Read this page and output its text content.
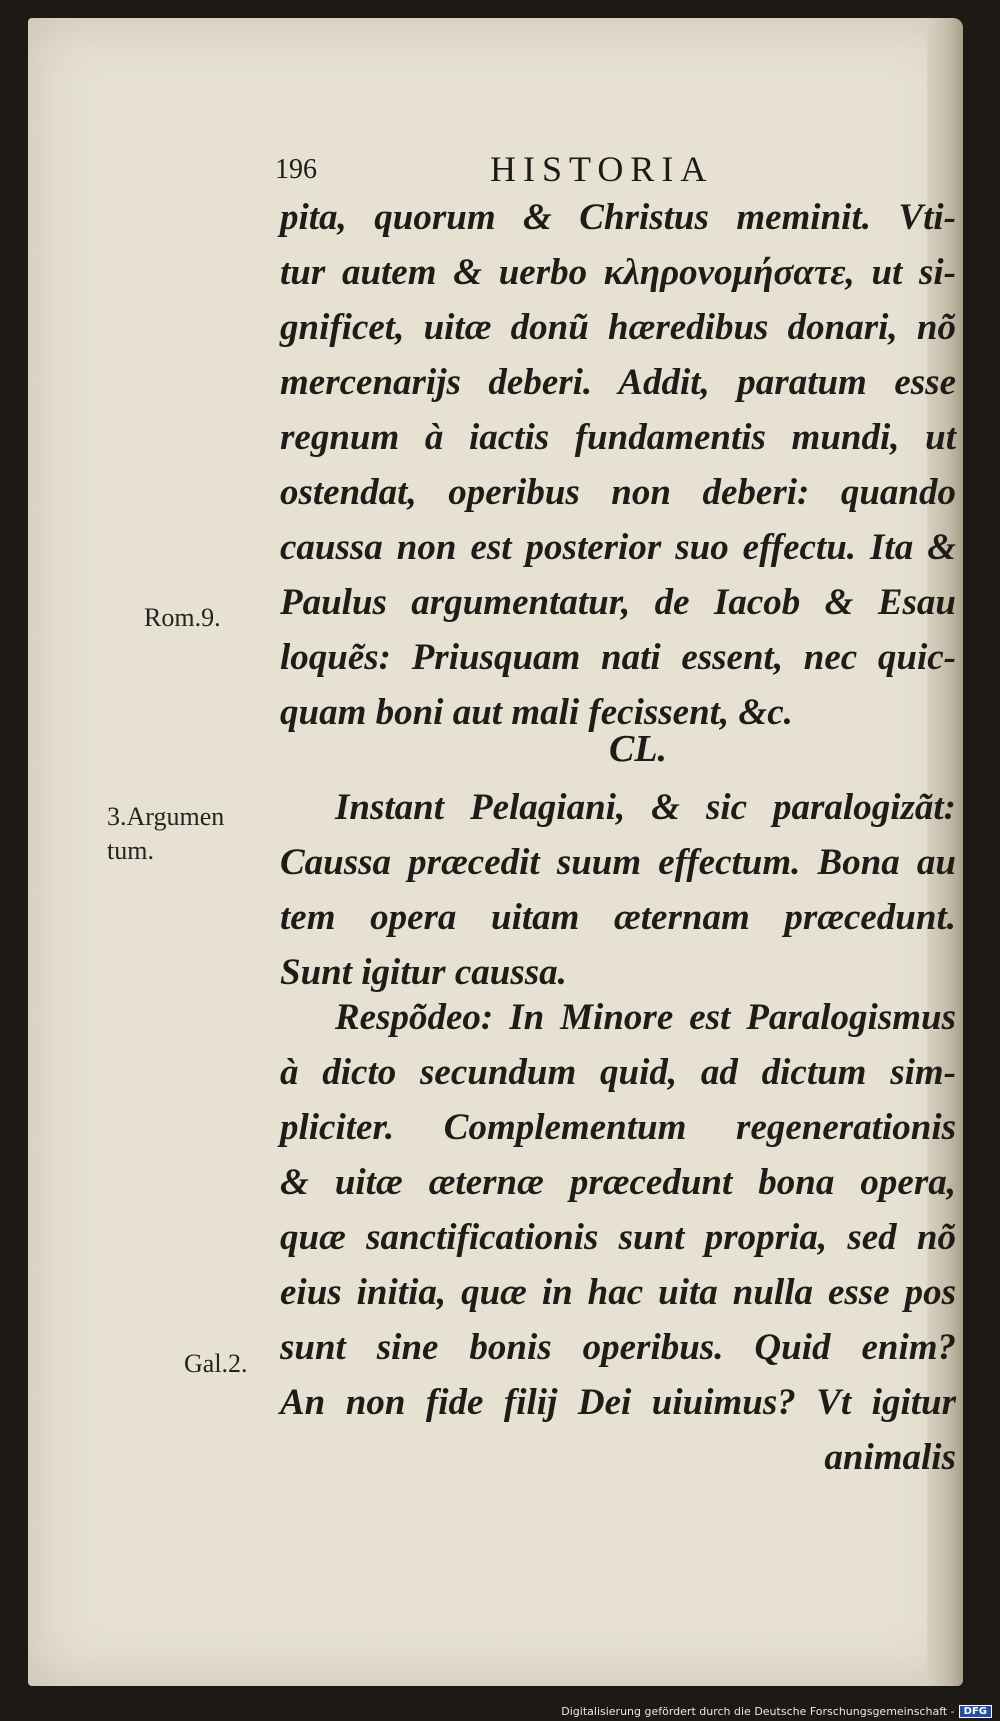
196	HISTORIA
pita, quorum & Christus meminit. Vti-
tur autem & uerbo κληρονομήσατε, ut si-
gnificet, uitæ donũ hæredibus donari, nõ
mercenarijs deberi. Addit, paratum esse
regnum à iactis fundamentis mundi, ut
ostendat, operibus non deberi: quando
caussa non est posterior suo effectu. Ita &
Paulus argumentatur, de Iacob & Esau
loquẽs: Priusquam nati essent, nec quic-
quam boni aut mali fecissent, &c.
CL.
Instant Pelagiani, & sic paralogizãt:
Caussa præcedit suum effectum. Bona au
tem opera uitam æternam præcedunt.
Sunt igitur caussa.
Respõdeo: In Minore est Paralogismus
à dicto secundum quid, ad dictum sim-
pliciter. Complementum regenerationis
& uitæ æternæ præcedunt bona opera,
quæ sanctificationis sunt propria, sed nõ
eius initia, quæ in hac uita nulla esse pos
sunt sine bonis operibus. Quid enim?
An non fide filij Dei uiuimus? Vt igitur
animalis
Rom.9.
3.Argumen
tum.
Gal.2.
Digitalisierung gefördert durch die Deutsche Forschungsgemeinschaft - DFG
